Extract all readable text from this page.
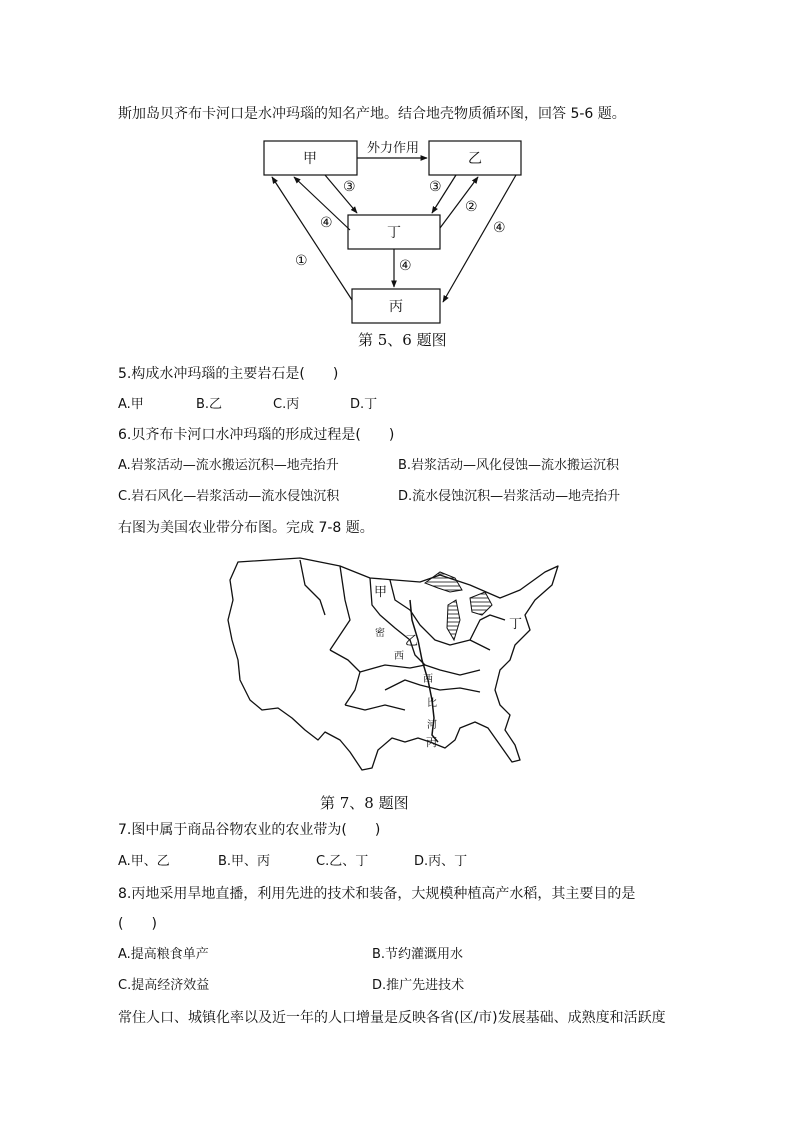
斯加岛贝齐布卡河口是水冲玛瑙的知名产地。结合地壳物质循环图，回答 5-6 题。
甲	乙
丁
丙
外力作用
③	③
②
④	④
④
①
第 5、6 题图
5.构成水冲玛瑙的主要岩石是(　　)
A.甲	B.乙	C.丙	D.丁
6.贝齐布卡河口水冲玛瑙的形成过程是(　　)
A.岩浆活动—流水搬运沉积—地壳抬升	B.岩浆活动—风化侵蚀—流水搬运沉积
C.岩石风化—岩浆活动—流水侵蚀沉积	D.流水侵蚀沉积—岩浆活动—地壳抬升
右图为美国农业带分布图。完成 7-8 题。
甲
乙
丁
丙
密
西
西
比
河
第 7、8 题图
7.图中属于商品谷物农业的农业带为(　　)
A.甲、乙	B.甲、丙	C.乙、丁	D.丙、丁
8.丙地采用旱地直播，利用先进的技术和装备，大规模种植高产水稻，其主要目的是
(　　)
A.提高粮食单产	B.节约灌溉用水
C.提高经济效益	D.推广先进技术
常住人口、城镇化率以及近一年的人口增量是反映各省(区/市)发展基础、成熟度和活跃度
